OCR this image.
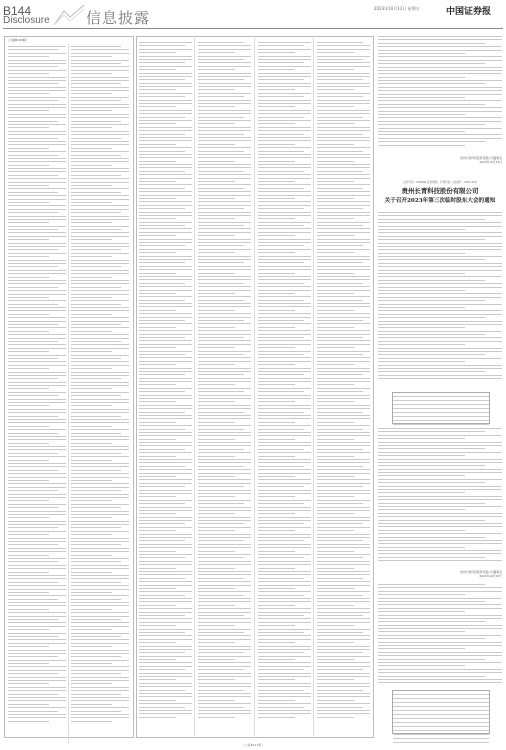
B144
Disclosure 信息披露
2023年10月13日 星期五	中国证券报
（上接B143版）
贵州长青科技股份有限公司董事会
2023年10月13日
证券代码：002909 证券简称：长青科技 公告编号：2023-076
贵州长青科技股份有限公司
关于召开2023年第三次临时股东大会的通知
贵州长青科技股份有限公司董事会
2023年10月13日
（上接B143版）
